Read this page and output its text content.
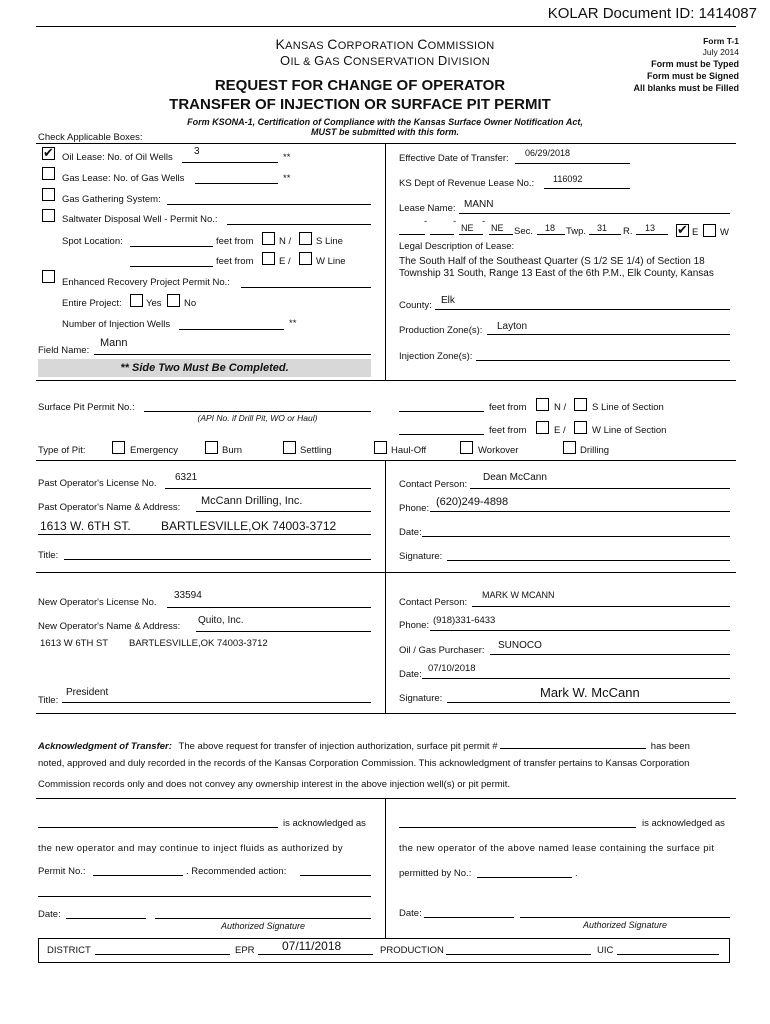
KOLAR Document ID: 1414087
KANSAS CORPORATION COMMISSION
OIL & GAS CONSERVATION DIVISION
Form T-1
July 2014
Form must be Typed
Form must be Signed
All blanks must be Filled
REQUEST FOR CHANGE OF OPERATOR
TRANSFER OF INJECTION OR SURFACE PIT PERMIT
Form KSONA-1, Certification of Compliance with the Kansas Surface Owner Notification Act,
MUST be submitted with this form.
Check Applicable Boxes:
✔
Oil Lease: No. of Oil Wells
3
**
Gas Lease: No. of Gas Wells	**
Gas Gathering System:
Saltwater Disposal Well - Permit No.:
Spot Location:	feet from	N /	S Line
feet from	E /	W Line
Enhanced Recovery Project Permit No.:
Entire Project:	Yes No
Number of Injection Wells	**
Field Name:
Mann
** Side Two Must Be Completed.
Effective Date of Transfer: 06/29/2018
KS Dept of Revenue Lease No.: 116092
Lease Name: MANN
-	-	-
NE NE Sec. 18 Twp. 31 R. 13
✔	E W
Legal Description of Lease:
The South Half of the Southeast Quarter (S 1/2 SE 1/4) of Section 18
Township 31 South, Range 13 East of the 6th P.M., Elk County, Kansas
County: Elk
Production Zone(s): Layton
Injection Zone(s):
Surface Pit Permit No.:
(API No. if Drill Pit, WO or Haul)
feet from	N /	S Line of Section
feet from	E /	W Line of Section
Type of Pit:	Emergency	Burn	Settling	Haul-Off	Workover	Drilling
Past Operator's License No.
6321
Past Operator's Name & Address:
McCann Drilling, Inc.
1613 W. 6TH ST.	BARTLESVILLE,OK 74003-3712
Title:
Contact Person:
Dean McCann
Phone:
(620)249-4898
Date:
Signature:
New Operator's License No.
33594
New Operator's Name & Address:
Quito, Inc.
1613 W 6TH ST BARTLESVILLE,OK 74003-3712
Title:
President
Contact Person:
MARK W MCANN
Phone: (918)331-6433
Oil / Gas Purchaser: SUNOCO
Date:
07/10/2018
Signature:	Mark W. McCann
Acknowledgment of Transfer: The above request for transfer of injection authorization, surface pit permit #	has been
noted, approved and duly recorded in the records of the Kansas Corporation Commission. This acknowledgment of transfer pertains to Kansas Corporation
Commission records only and does not convey any ownership interest in the above injection well(s) or pit permit.
is acknowledged as
the new operator and may continue to inject fluids as authorized by
Permit No.:	. Recommended action:
Date:
Authorized Signature
is acknowledged as
the new operator of the above named lease containing the surface pit
permitted by No.:	.
Date:
Authorized Signature
DISTRICT	EPR 07/11/2018	PRODUCTION	UIC
